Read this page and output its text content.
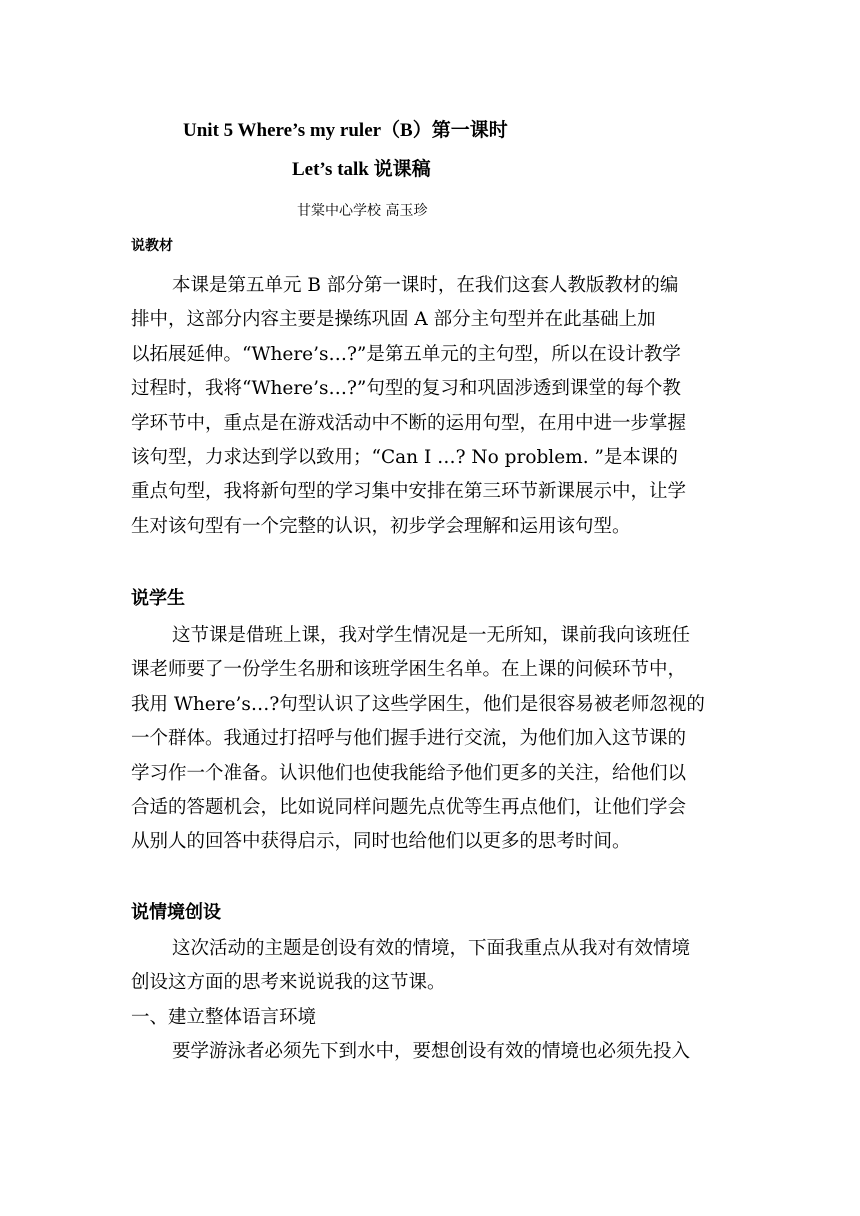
Unit 5 Where’s my ruler（B）第一课时
Let’s talk 说课稿
甘棠中心学校 高玉珍
说教材
本课是第五单元 B 部分第一课时，在我们这套人教版教材的编
排中，这部分内容主要是操练巩固 A 部分主句型并在此基础上加
以拓展延伸。“Where’s…?”是第五单元的主句型，所以在设计教学
过程时，我将“Where’s…?”句型的复习和巩固涉透到课堂的每个教
学环节中，重点是在游戏活动中不断的运用句型，在用中进一步掌握
该句型，力求达到学以致用；“Can I …? No problem. ”是本课的
重点句型，我将新句型的学习集中安排在第三环节新课展示中，让学
生对该句型有一个完整的认识，初步学会理解和运用该句型。
说学生
这节课是借班上课，我对学生情况是一无所知，课前我向该班任
课老师要了一份学生名册和该班学困生名单。在上课的问候环节中，
我用 Where’s…?句型认识了这些学困生，他们是很容易被老师忽视的
一个群体。我通过打招呼与他们握手进行交流，为他们加入这节课的
学习作一个准备。认识他们也使我能给予他们更多的关注，给他们以
合适的答题机会，比如说同样问题先点优等生再点他们，让他们学会
从别人的回答中获得启示，同时也给他们以更多的思考时间。
说情境创设
这次活动的主题是创设有效的情境，下面我重点从我对有效情境
创设这方面的思考来说说我的这节课。
一、建立整体语言环境
要学游泳者必须先下到水中，要想创设有效的情境也必须先投入
